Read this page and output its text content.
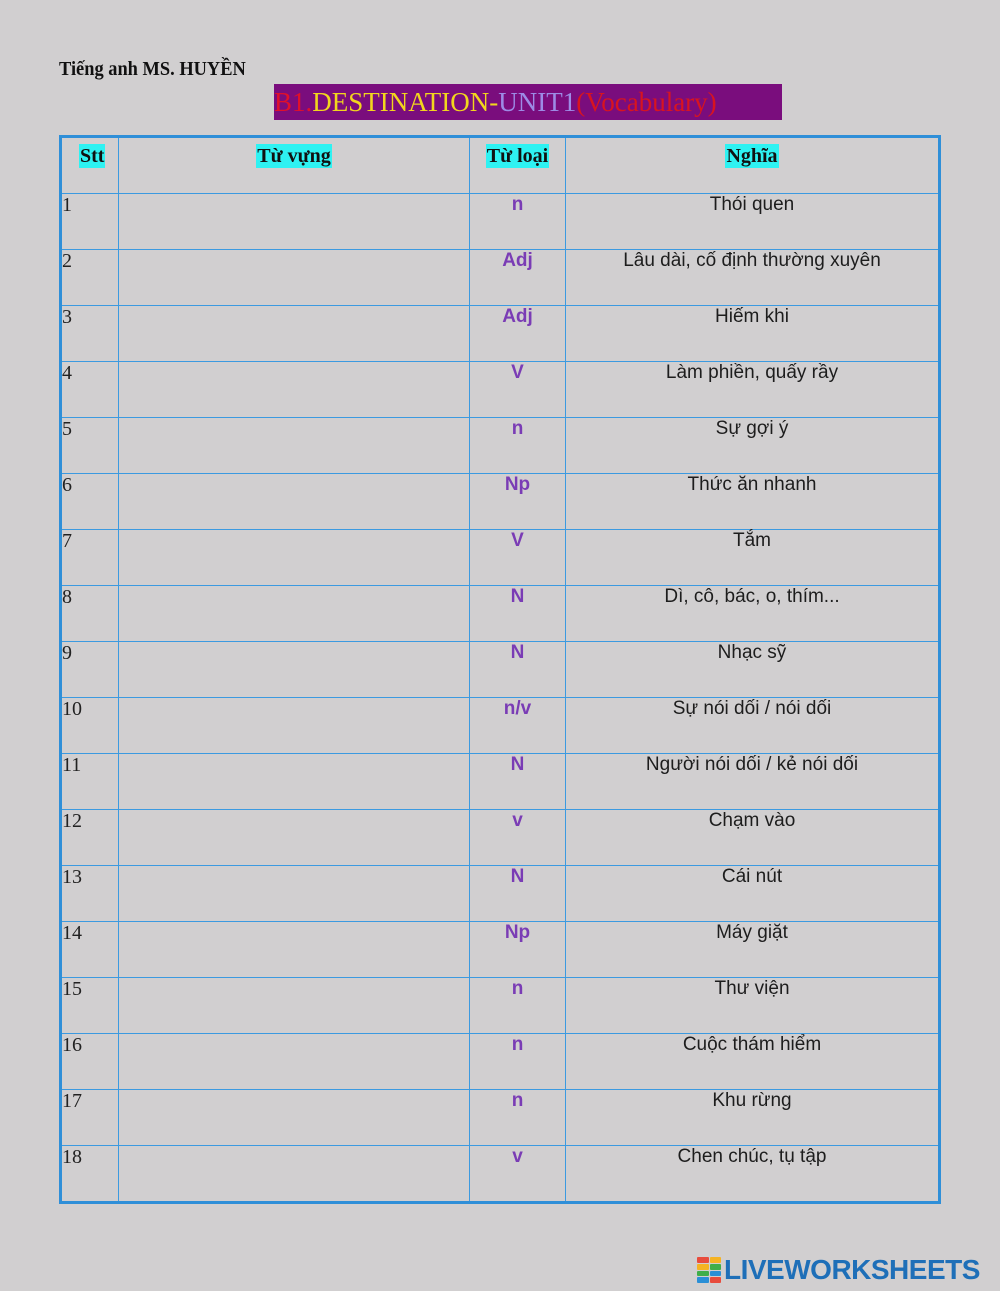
Tiếng anh MS. HUYỀN
B1.DESTINATION-UNIT1(Vocabulary)
Stt	Từ vựng	Từ loại	Nghĩa
1		n	Thói quen
2		Adj	Lâu dài, cố định thường xuyên
3		Adj	Hiếm khi
4		V	Làm phiền, quấy rầy
5		n	Sự gợi ý
6		Np	Thức ăn nhanh
7		V	Tắm
8		N	Dì, cô, bác, o, thím...
9		N	Nhạc sỹ
10		n/v	Sự nói dối / nói dối
11		N	Người nói dối / kẻ nói dối
12		v	Chạm vào
13		N	Cái nút
14		Np	Máy giặt
15		n	Thư viện
16		n	Cuộc thám hiểm
17		n	Khu rừng
18		v	Chen chúc, tụ tập
LIVEWORKSHEETS
